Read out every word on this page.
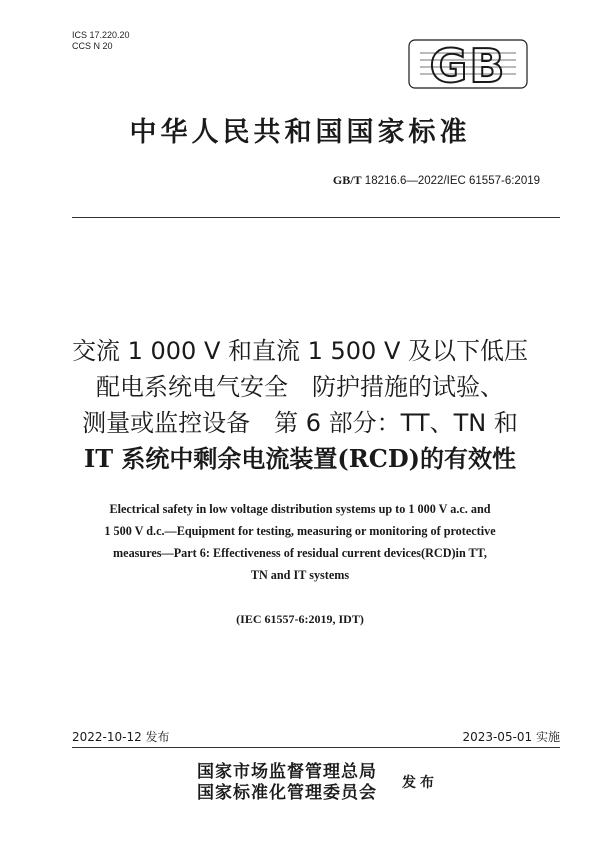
ICS 17.220.20
CCS N 20	GB
中华人民共和国国家标准
GB/T 18216.6—2022/IEC 61557-6:2019
交流 1 000 V 和直流 1 500 V 及以下低压
配电系统电气安全　防护措施的试验、
测量或监控设备　第 6 部分：TT、TN 和
IT 系统中剩余电流装置(RCD)的有效性
Electrical safety in low voltage distribution systems up to 1 000 V a.c. and
1 500 V d.c.—Equipment for testing, measuring or monitoring of protective
measures—Part 6: Effectiveness of residual current devices(RCD)in TT,
TN and IT systems
(IEC 61557-6:2019, IDT)
2022-10-12 发布	2023-05-01 实施
国家市场监督管理总局
国家标准化管理委员会 发布
